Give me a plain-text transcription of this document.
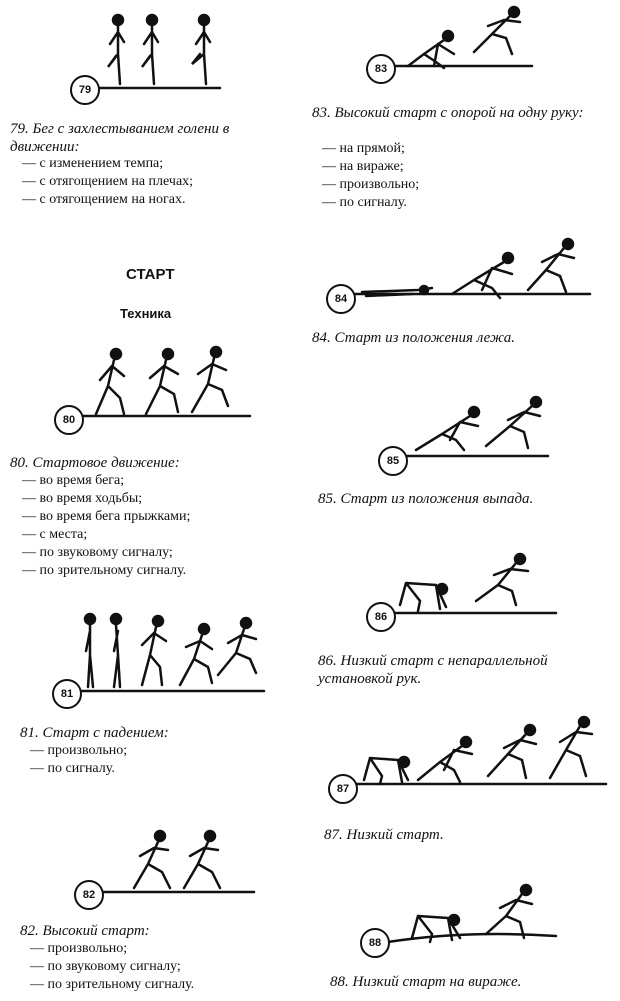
79
79. Бег с захлестыванием голени в движении:
— с изменением темпа;
— с отягощением на плечах;
— с отягощением на ногах.
СТАРТ
Техника
80
80. Стартовое движение:
— во время бега;
— во время ходьбы;
— во время бега прыжками;
— с места;
— по звуковому сигналу;
— по зрительному сигналу.
81
81. Старт с падением:
— произвольно;
— по сигналу.
82
82. Высокий старт:
— произвольно;
— по звуковому сигналу;
— по зрительному сигналу.
83
83. Высокий старт с опорой на одну руку:
— на прямой;
— на вираже;
— произвольно;
— по сигналу.
84
84. Старт из положения лежа.
85
85. Старт из положения выпада.
86
86. Низкий старт с непараллельной установкой рук.
87
87. Низкий старт.
88
88. Низкий старт на вираже.
